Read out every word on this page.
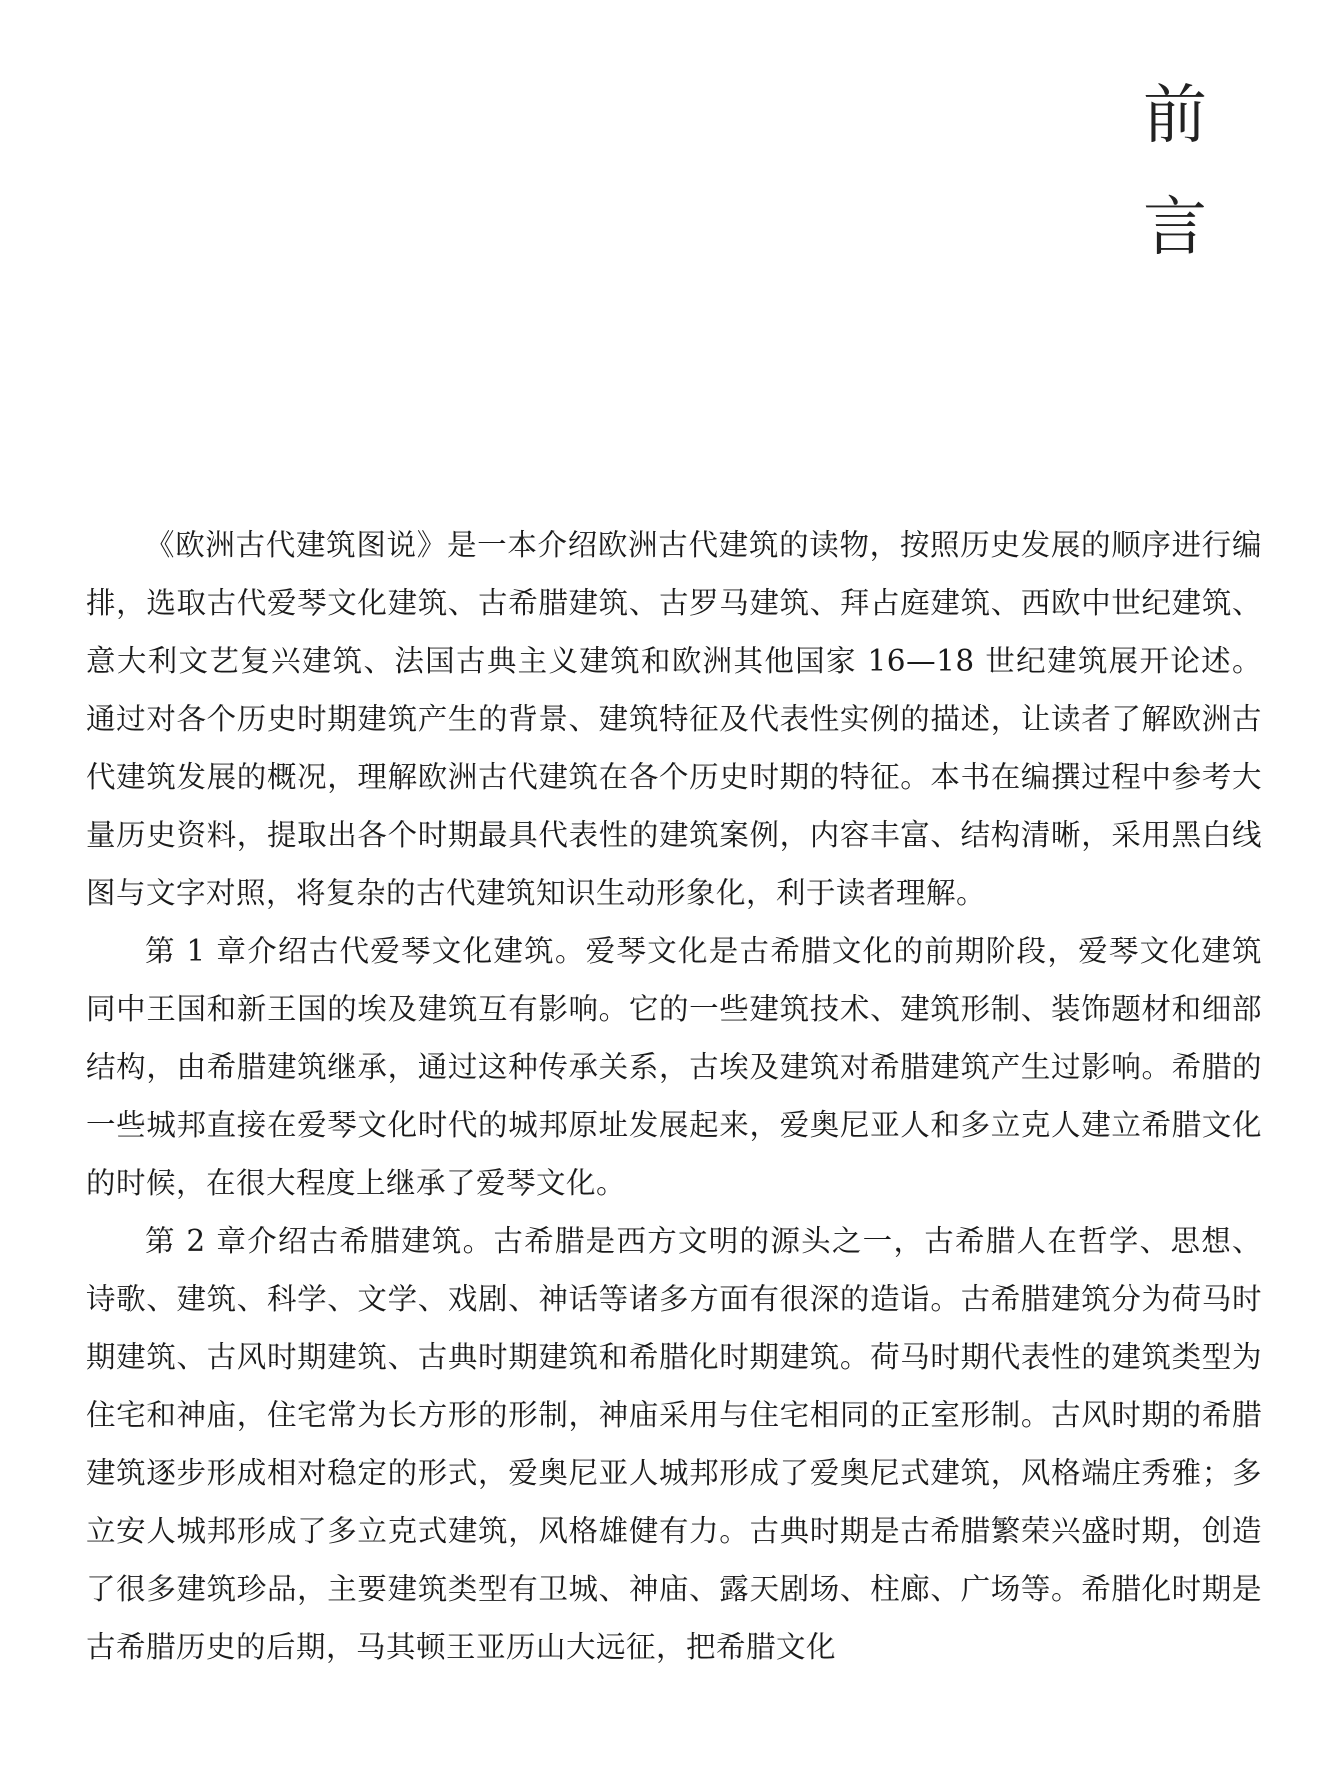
前
言

《欧洲古代建筑图说》是一本介绍欧洲古代建筑的读物，按照历史发展的顺序进行编排，选取古代爱琴文化建筑、古希腊建筑、古罗马建筑、拜占庭建筑、西欧中世纪建筑、意大利文艺复兴建筑、法国古典主义建筑和欧洲其他国家 16—18 世纪建筑展开论述。通过对各个历史时期建筑产生的背景、建筑特征及代表性实例的描述，让读者了解欧洲古代建筑发展的概况，理解欧洲古代建筑在各个历史时期的特征。本书在编撰过程中参考大量历史资料，提取出各个时期最具代表性的建筑案例，内容丰富、结构清晰，采用黑白线图与文字对照，将复杂的古代建筑知识生动形象化，利于读者理解。

第 1 章介绍古代爱琴文化建筑。爱琴文化是古希腊文化的前期阶段，爱琴文化建筑同中王国和新王国的埃及建筑互有影响。它的一些建筑技术、建筑形制、装饰题材和细部结构，由希腊建筑继承，通过这种传承关系，古埃及建筑对希腊建筑产生过影响。希腊的一些城邦直接在爱琴文化时代的城邦原址发展起来，爱奥尼亚人和多立克人建立希腊文化的时候，在很大程度上继承了爱琴文化。

第 2 章介绍古希腊建筑。古希腊是西方文明的源头之一，古希腊人在哲学、思想、诗歌、建筑、科学、文学、戏剧、神话等诸多方面有很深的造诣。古希腊建筑分为荷马时期建筑、古风时期建筑、古典时期建筑和希腊化时期建筑。荷马时期代表性的建筑类型为住宅和神庙，住宅常为长方形的形制，神庙采用与住宅相同的正室形制。古风时期的希腊建筑逐步形成相对稳定的形式，爱奥尼亚人城邦形成了爱奥尼式建筑，风格端庄秀雅；多立安人城邦形成了多立克式建筑，风格雄健有力。古典时期是古希腊繁荣兴盛时期，创造了很多建筑珍品，主要建筑类型有卫城、神庙、露天剧场、柱廊、广场等。希腊化时期是古希腊历史的后期，马其顿王亚历山大远征，把希腊文化
